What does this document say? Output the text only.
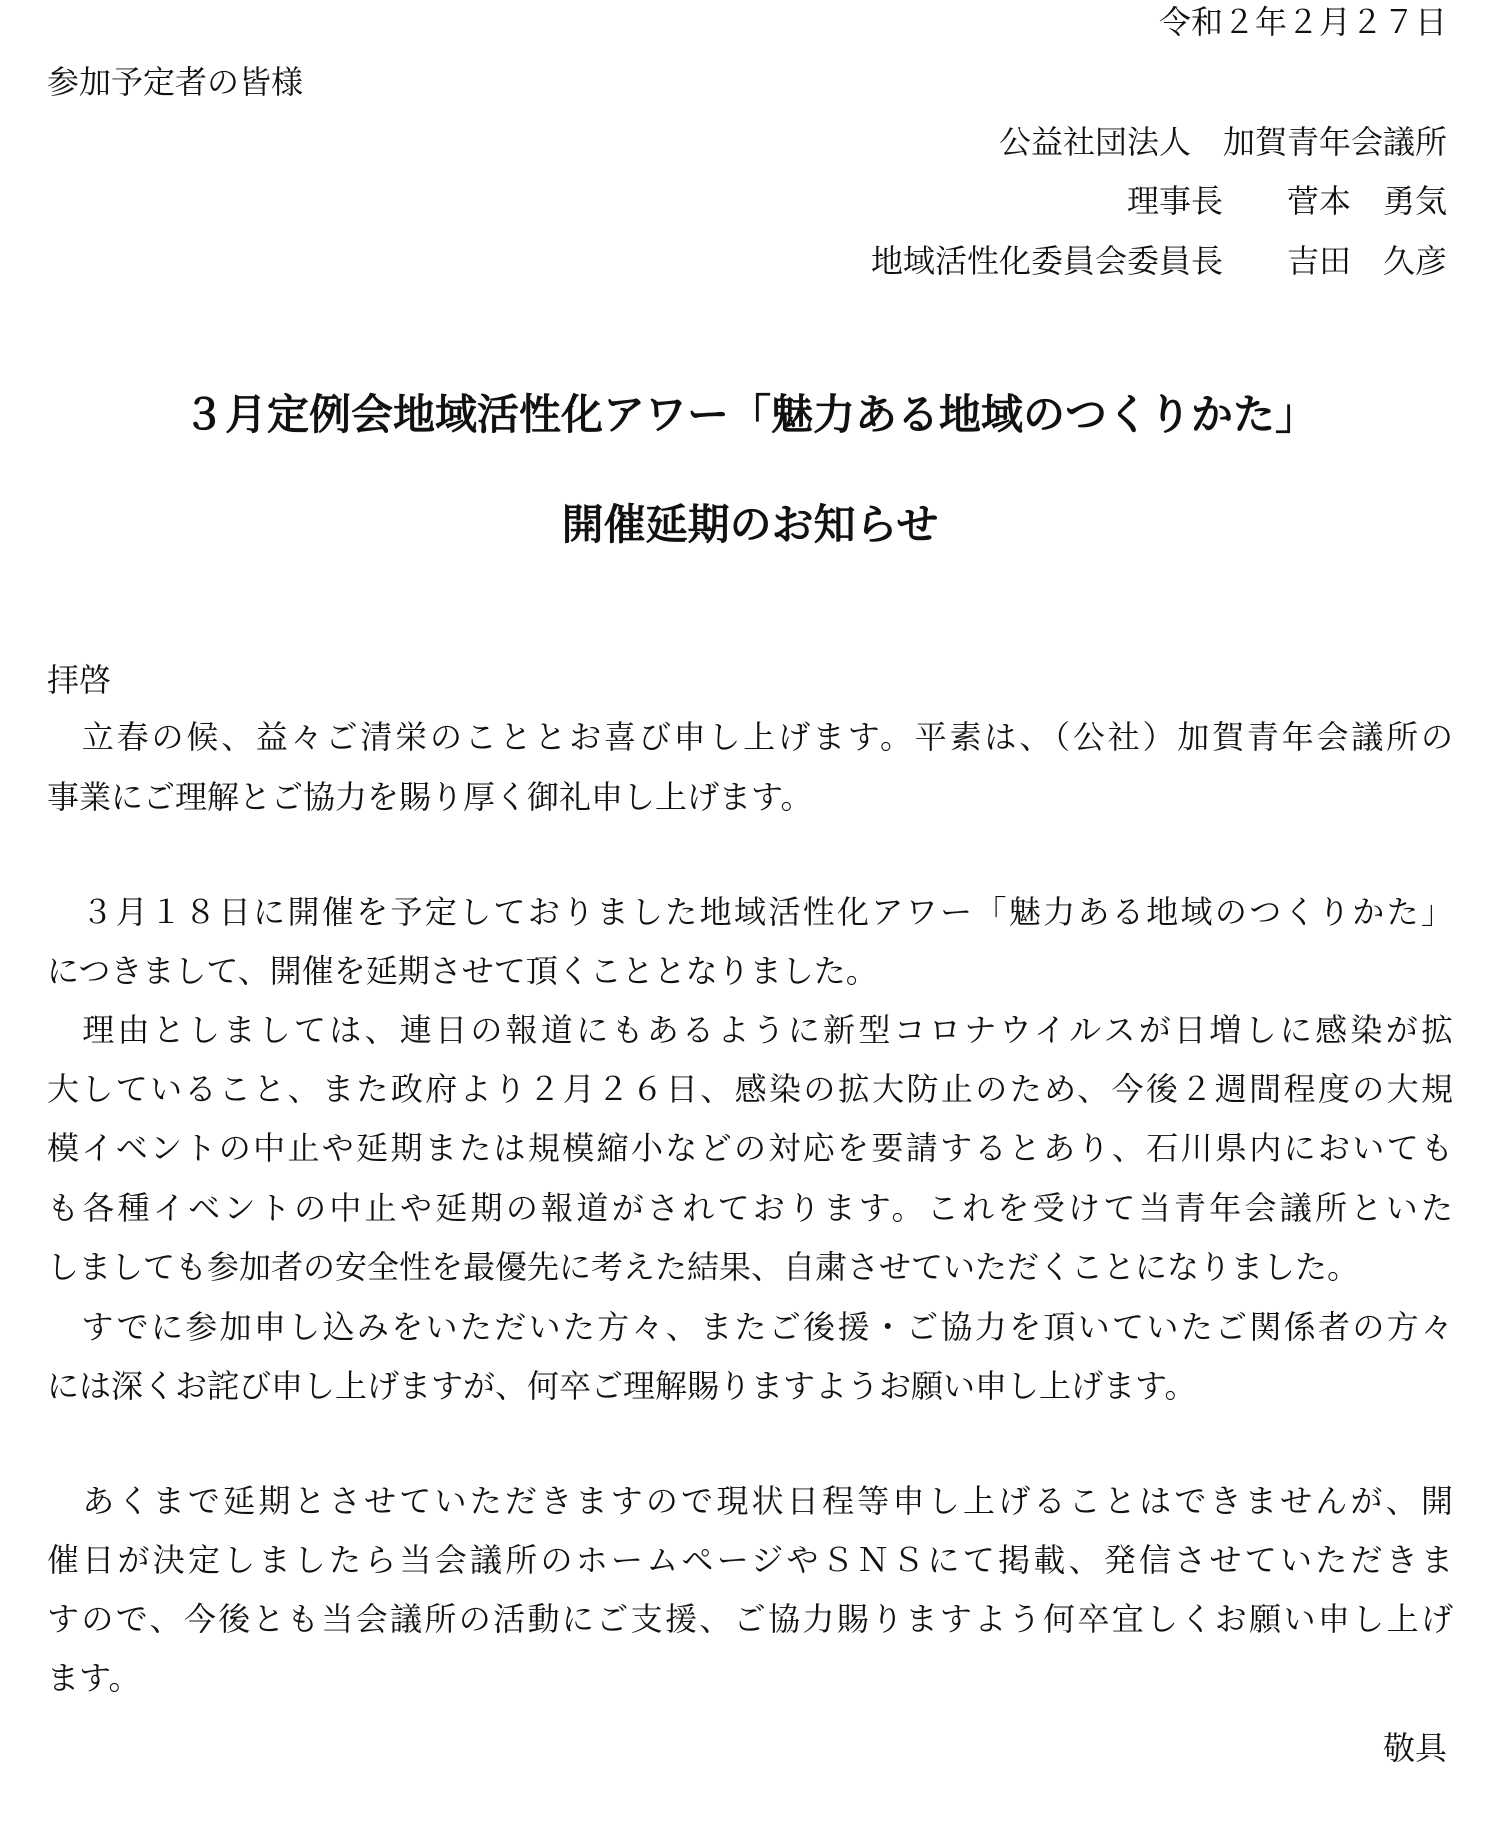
令和２年２月２７日
参加予定者の皆様
公益社団法人　加賀青年会議所
理事長　　菅本　勇気
地域活性化委員会委員長　　吉田　久彦
３月定例会地域活性化アワー「魅力ある地域のつくりかた」
開催延期のお知らせ
拝啓
　立春の候、益々ご清栄のこととお喜び申し上げます。平素は、（公社）加賀青年会議所の
事業にご理解とご協力を賜り厚く御礼申し上げます。
　３月１８日に開催を予定しておりました地域活性化アワー「魅力ある地域のつくりかた」
につきまして、開催を延期させて頂くこととなりました。
　理由としましては、連日の報道にもあるように新型コロナウイルスが日増しに感染が拡
大していること、また政府より２月２６日、感染の拡大防止のため、今後２週間程度の大規
模イベントの中止や延期または規模縮小などの対応を要請するとあり、石川県内においても
も各種イベントの中止や延期の報道がされております。これを受けて当青年会議所といた
しましても参加者の安全性を最優先に考えた結果、自粛させていただくことになりました。
　すでに参加申し込みをいただいた方々、またご後援・ご協力を頂いていたご関係者の方々
には深くお詫び申し上げますが、何卒ご理解賜りますようお願い申し上げます。
　あくまで延期とさせていただきますので現状日程等申し上げることはできませんが、開
催日が決定しましたら当会議所のホームページやＳＮＳにて掲載、発信させていただきま
すので、今後とも当会議所の活動にご支援、ご協力賜りますよう何卒宜しくお願い申し上げ
ます。
敬具
